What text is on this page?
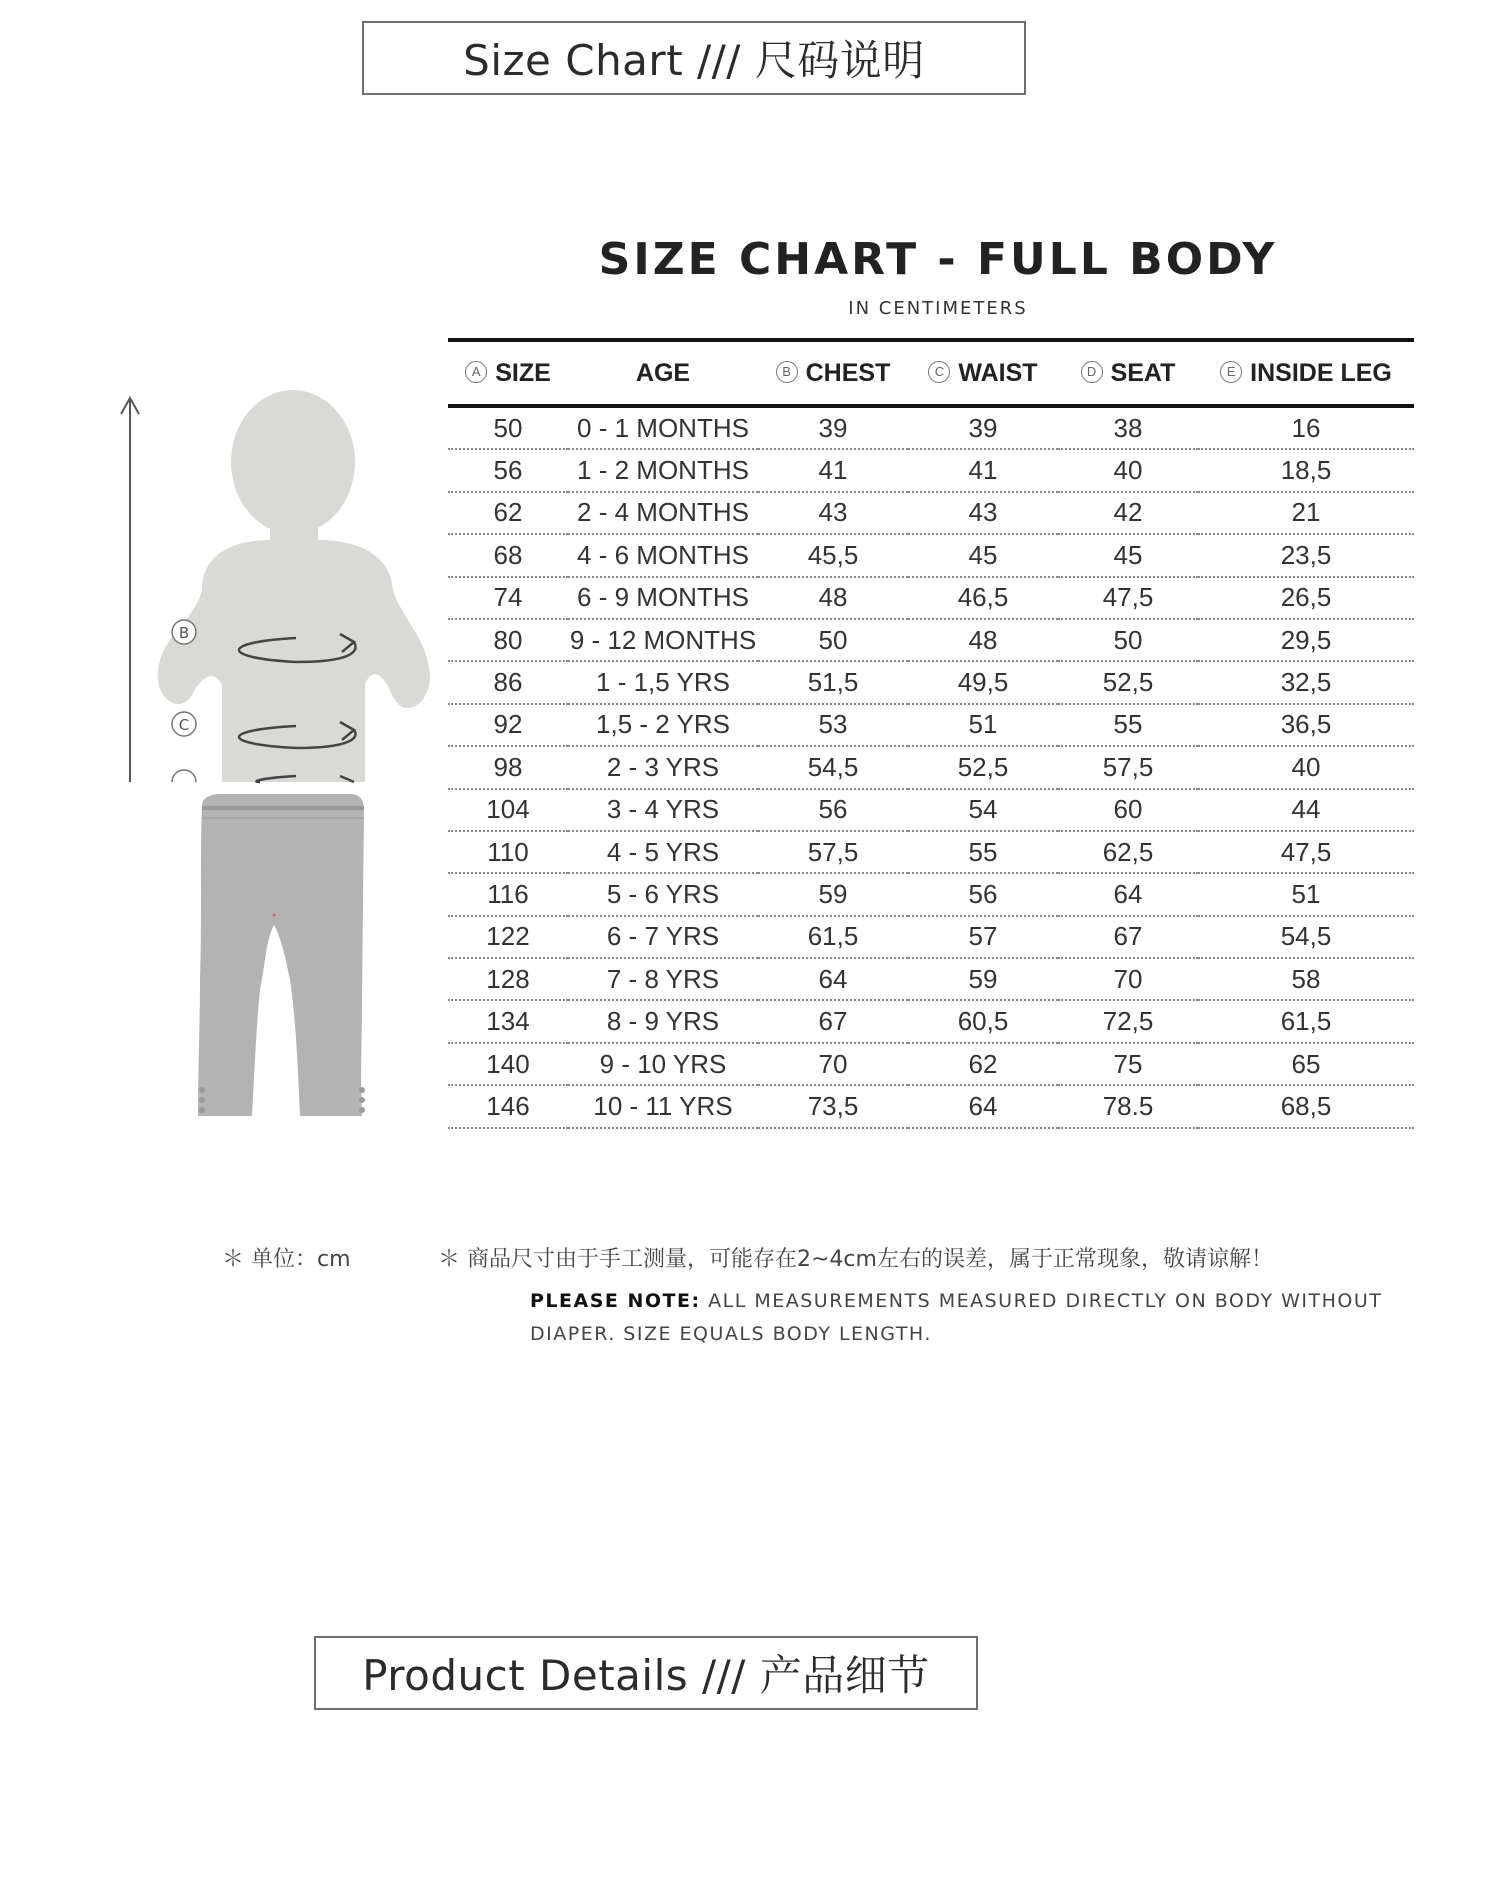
Size Chart /// 尺码说明
SIZE CHART - FULL BODY
IN CENTIMETERS
B
C
A SIZE	AGE	B CHEST	C WAIST	D SEAT	E INSIDE LEG
50	0 - 1 MONTHS	39	39	38	16
56	1 - 2 MONTHS	41	41	40	18,5
62	2 - 4 MONTHS	43	43	42	21
68	4 - 6 MONTHS	45,5	45	45	23,5
74	6 - 9 MONTHS	48	46,5	47,5	26,5
80	9 - 12 MONTHS	50	48	50	29,5
86	1 - 1,5 YRS	51,5	49,5	52,5	32,5
92	1,5 - 2 YRS	53	51	55	36,5
98	2 - 3 YRS	54,5	52,5	57,5	40
104	3 - 4 YRS	56	54	60	44
110	4 - 5 YRS	57,5	55	62,5	47,5
116	5 - 6 YRS	59	56	64	51
122	6 - 7 YRS	61,5	57	67	54,5
128	7 - 8 YRS	64	59	70	58
134	8 - 9 YRS	67	60,5	72,5	61,5
140	9 - 10 YRS	70	62	75	65
146	10 - 11 YRS	73,5	64	78.5	68,5
＊ 单位：cm	＊ 商品尺寸由于手工测量，可能存在2~4cm左右的误差，属于正常现象，敬请谅解！
PLEASE NOTE: ALL MEASUREMENTS MEASURED DIRECTLY ON BODY WITHOUT DIAPER. SIZE EQUALS BODY LENGTH.
Product Details /// 产品细节
